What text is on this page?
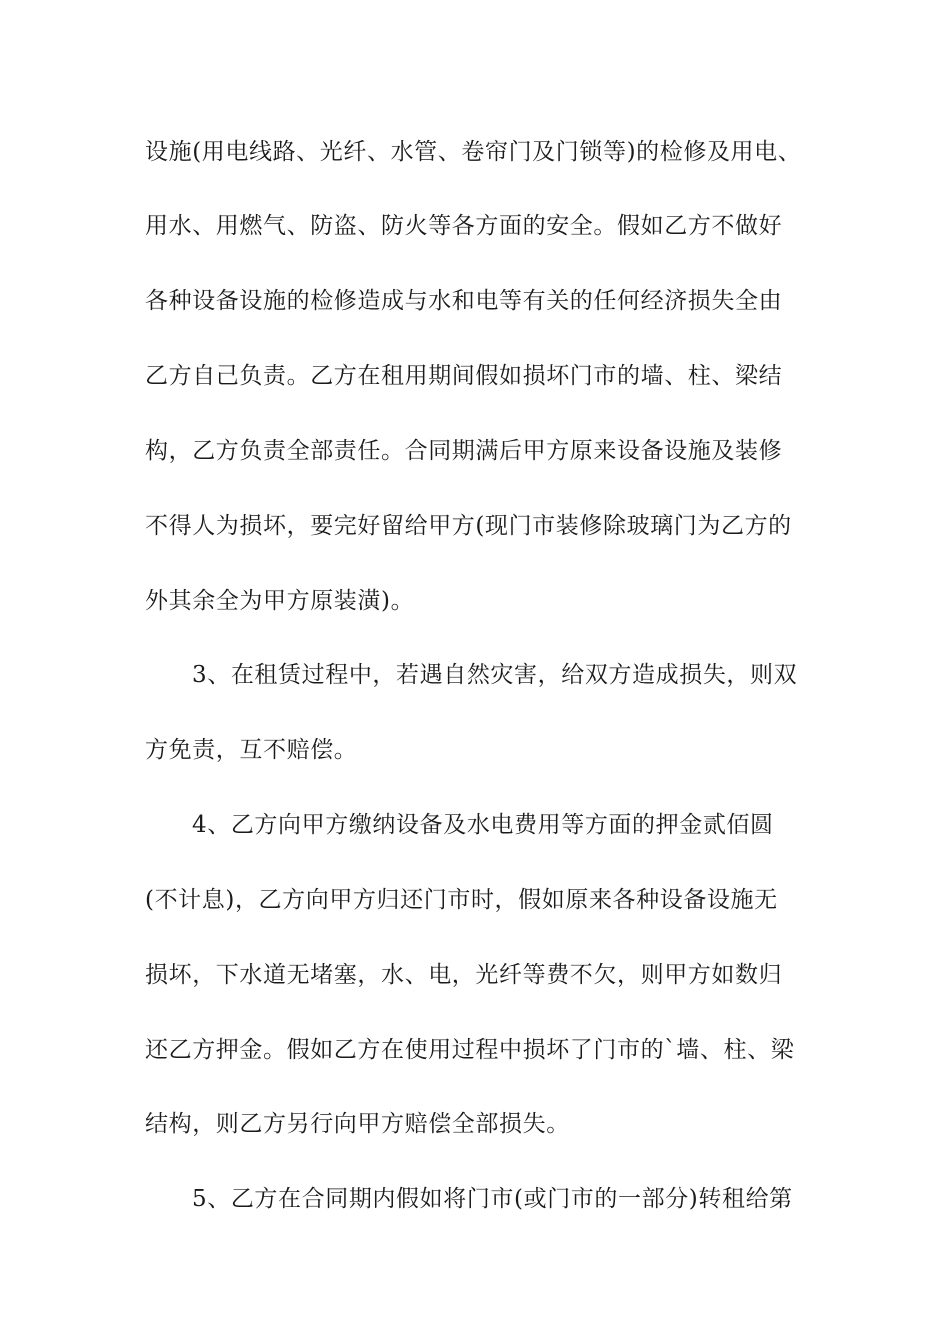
设施(用电线路、光纤、水管、卷帘门及门锁等)的检修及用电、
用水、用燃气、防盗、防火等各方面的安全。假如乙方不做好
各种设备设施的检修造成与水和电等有关的任何经济损失全由
乙方自己负责。乙方在租用期间假如损坏门市的墙、柱、梁结
构，乙方负责全部责任。合同期满后甲方原来设备设施及装修
不得人为损坏，要完好留给甲方(现门市装修除玻璃门为乙方的
外其余全为甲方原装潢)。
3、在租赁过程中，若遇自然灾害，给双方造成损失，则双
方免责，互不赔偿。
4、乙方向甲方缴纳设备及水电费用等方面的押金贰佰圆
(不计息)，乙方向甲方归还门市时，假如原来各种设备设施无
损坏，下水道无堵塞，水、电，光纤等费不欠，则甲方如数归
还乙方押金。假如乙方在使用过程中损坏了门市的`墙、柱、梁
结构，则乙方另行向甲方赔偿全部损失。
5、乙方在合同期内假如将门市(或门市的一部分)转租给第
